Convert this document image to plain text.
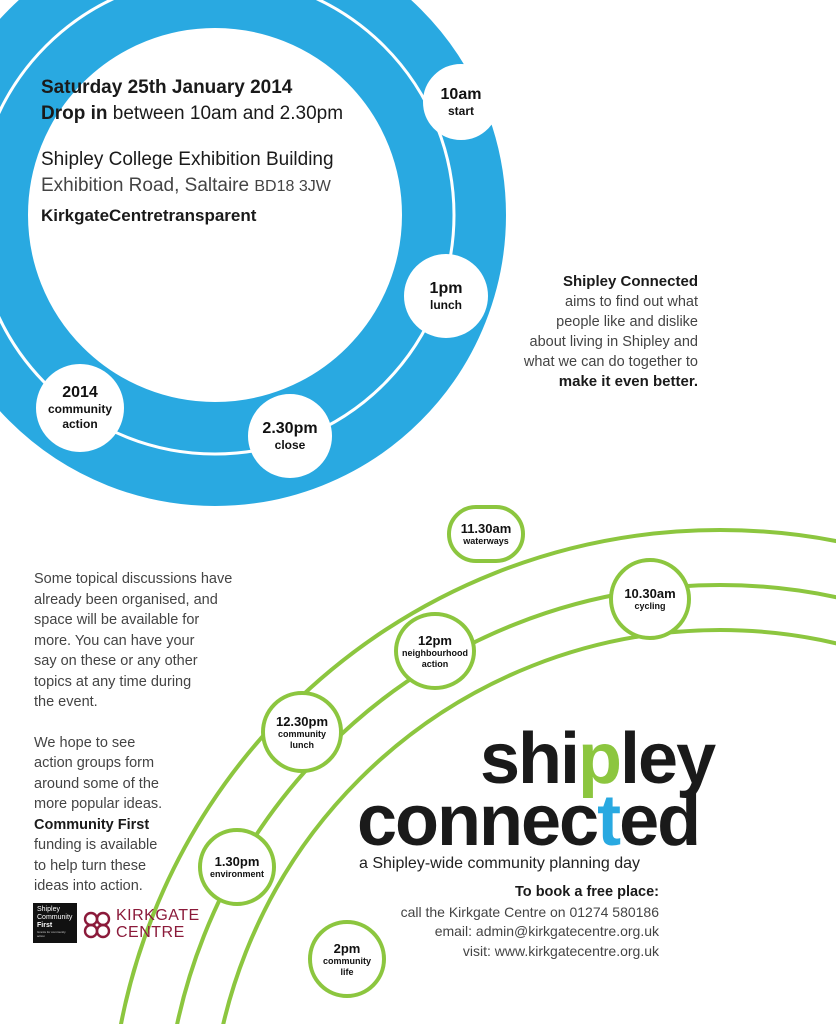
Saturday 25th January 2014
Drop in between 10am and 2.30pm
Shipley College Exhibition Building
Exhibition Road, Saltaire BD18 3JW
KirkgateCentretransparent
10am
start
1pm
lunch
2.30pm
close
2014
community
action
Shipley Connected
aims to find out what
people like and dislike
about living in Shipley and
what we can do together to
make it even better.
Some topical discussions have
already been organised, and
space will be available for
more. You can have your
say on these or any other
topics at any time during
the event.
We hope to see
action groups form
around some of the
more popular ideas.
Community First
funding is available
to help turn these
ideas into action.
11.30am
waterways
10.30am
cycling
12pm
neighbourhood
action
12.30pm
community
lunch
1.30pm
environment
2pm
community
life
shipley
connected
a Shipley-wide community planning day
To book a free place:
call the Kirkgate Centre on 01274 580186
email: admin@kirkgatecentre.org.uk
visit: www.kirkgatecentre.org.uk
Shipley
Community
First
Grants for community action
KIRKGATE
CENTRE
